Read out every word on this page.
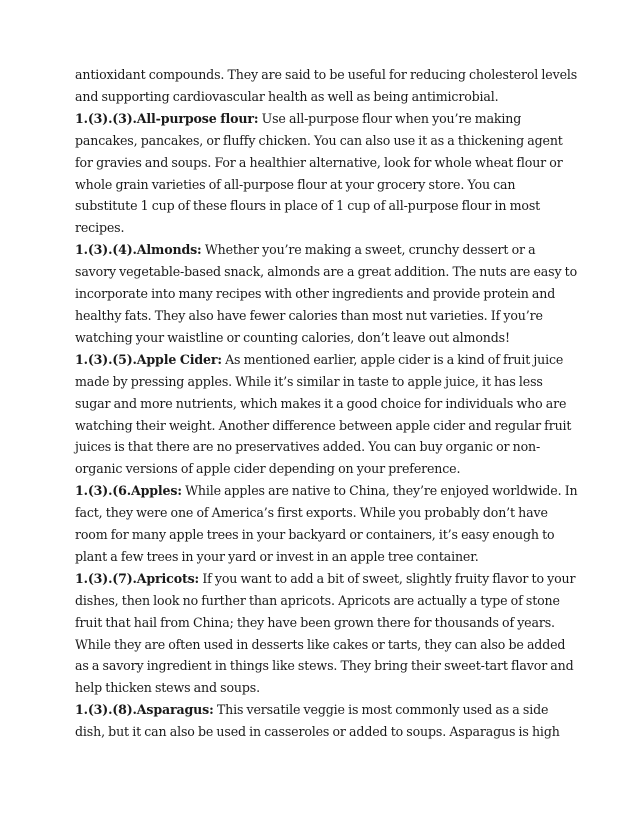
antioxidant compounds. They are said to be useful for reducing cholesterol levels and supporting cardiovascular health as well as being antimicrobial.

1.(3).(3).All-purpose flour: Use all-purpose flour when you’re making pancakes, pancakes, or fluffy chicken. You can also use it as a thickening agent for gravies and soups. For a healthier alternative, look for whole wheat flour or whole grain varieties of all-purpose flour at your grocery store. You can substitute 1 cup of these flours in place of 1 cup of all-purpose flour in most recipes.

1.(3).(4).Almonds: Whether you’re making a sweet, crunchy dessert or a savory vegetable-based snack, almonds are a great addition. The nuts are easy to incorporate into many recipes with other ingredients and provide protein and healthy fats. They also have fewer calories than most nut varieties. If you’re watching your waistline or counting calories, don’t leave out almonds!

1.(3).(5).Apple Cider: As mentioned earlier, apple cider is a kind of fruit juice made by pressing apples. While it’s similar in taste to apple juice, it has less sugar and more nutrients, which makes it a good choice for individuals who are watching their weight. Another difference between apple cider and regular fruit juices is that there are no preservatives added. You can buy organic or non-organic versions of apple cider depending on your preference.

1.(3).(6.Apples: While apples are native to China, they’re enjoyed worldwide. In fact, they were one of America’s first exports. While you probably don’t have room for many apple trees in your backyard or containers, it’s easy enough to plant a few trees in your yard or invest in an apple tree container.

1.(3).(7).Apricots: If you want to add a bit of sweet, slightly fruity flavor to your dishes, then look no further than apricots. Apricots are actually a type of stone fruit that hail from China; they have been grown there for thousands of years. While they are often used in desserts like cakes or tarts, they can also be added as a savory ingredient in things like stews. They bring their sweet-tart flavor and help thicken stews and soups.

1.(3).(8).Asparagus: This versatile veggie is most commonly used as a side dish, but it can also be used in casseroles or added to soups. Asparagus is high
